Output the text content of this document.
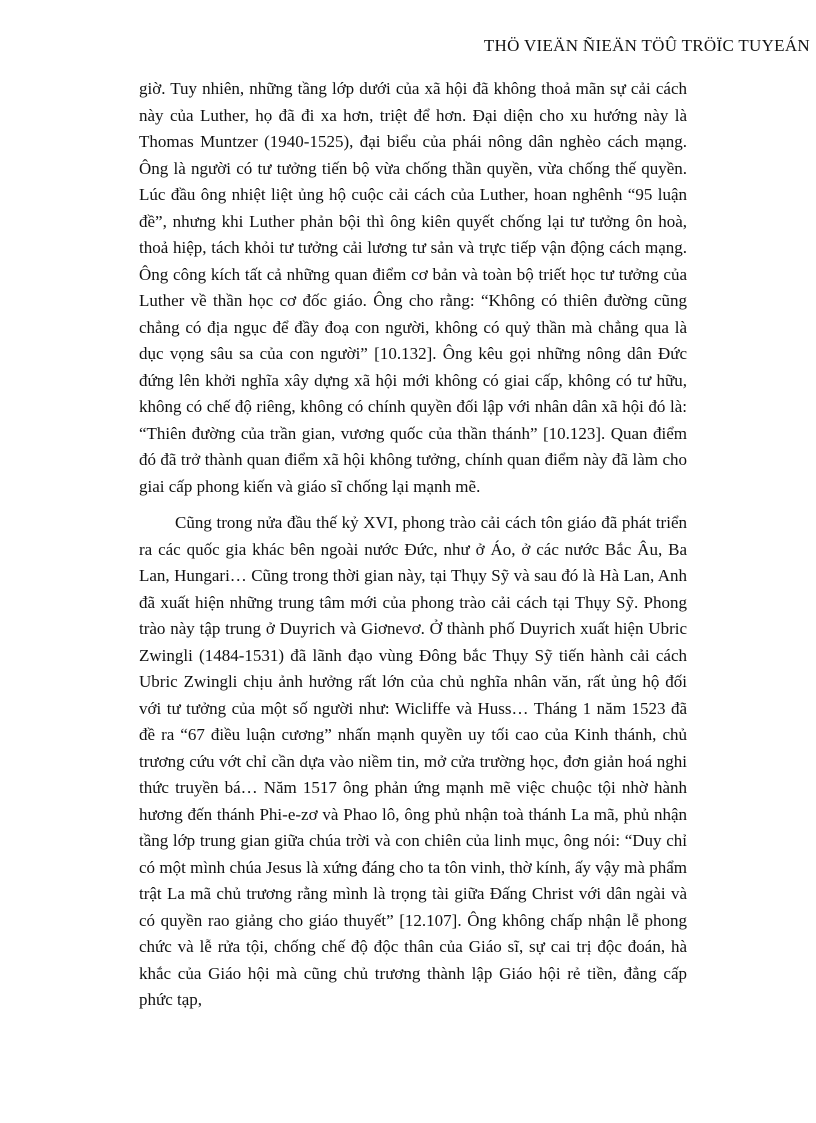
THÖ VIEÄN ÑIEÄN TÖÛ TRÖÏC TUYEÁN

giờ. Tuy nhiên, những tầng lớp dưới của xã hội đã không thoả mãn sự cải cách này của Luther, họ đã đi xa hơn, triệt để hơn. Đại diện cho xu hướng này là Thomas Muntzer (1940-1525), đại biểu của phái nông dân nghèo cách mạng. Ông là người có tư tưởng tiến bộ vừa chống thần quyền, vừa chống thế quyền. Lúc đầu ông nhiệt liệt ủng hộ cuộc cải cách của Luther, hoan nghênh “95 luận đề”, nhưng khi Luther phản bội thì ông kiên quyết chống lại tư tưởng ôn hoà, thoả hiệp, tách khỏi tư tưởng cải lương tư sản và trực tiếp vận động cách mạng. Ông công kích tất cả những quan điểm cơ bản và toàn bộ triết học tư tưởng của Luther về thần học cơ đốc giáo. Ông cho rằng: “Không có thiên đường cũng chẳng có địa ngục để đầy đoạ con người, không có quỷ thần mà chẳng qua là dục vọng sâu sa của con người” [10.132]. Ông kêu gọi những nông dân Đức đứng lên khởi nghĩa xây dựng xã hội mới không có giai cấp, không có tư hữu, không có chế độ riêng, không có chính quyền đối lập với nhân dân xã hội đó là: “Thiên đường của trần gian, vương quốc của thần thánh” [10.123]. Quan điểm đó đã trở thành quan điểm xã hội không tưởng, chính quan điểm này đã làm cho giai cấp phong kiến và giáo sĩ chống lại mạnh mẽ.

Cũng trong nửa đầu thế kỷ XVI, phong trào cải cách tôn giáo đã phát triển ra các quốc gia khác bên ngoài nước Đức, như ở Áo, ở các nước Bắc Âu, Ba Lan, Hungari… Cũng trong thời gian này, tại Thụy Sỹ và sau đó là Hà Lan, Anh đã xuất hiện những trung tâm mới của phong trào cải cách tại Thụy Sỹ. Phong trào này tập trung ở Duyrich và Giơnevơ. Ở thành phố Duyrich xuất hiện Ubric Zwingli (1484-1531) đã lãnh đạo vùng Đông bắc Thụy Sỹ tiến hành cải cách Ubric Zwingli chịu ảnh hưởng rất lớn của chủ nghĩa nhân văn, rất ủng hộ đối với tư tưởng của một số người như: Wicliffe và Huss… Tháng 1 năm 1523 đã đề ra “67 điều luận cương” nhấn mạnh quyền uy tối cao của Kinh thánh, chủ trương cứu vớt chỉ cần dựa vào niềm tin, mở cửa trường học, đơn giản hoá nghi thức truyền bá… Năm 1517 ông phản ứng mạnh mẽ việc chuộc tội nhờ hành hương đến thánh Phi-e-zơ và Phao lô, ông phủ nhận toà thánh La mã, phủ nhận tầng lớp trung gian giữa chúa trời và con chiên của linh mục, ông nói: “Duy chỉ có một mình chúa Jesus là xứng đáng cho ta tôn vinh, thờ kính, ấy vậy mà phẩm trật La mã chủ trương rằng mình là trọng tài giữa Đấng Christ với dân ngài và có quyền rao giảng cho giáo thuyết” [12.107]. Ông không chấp nhận lễ phong chức và lễ rửa tội, chống chế độ độc thân của Giáo sĩ, sự cai trị độc đoán, hà khắc của Giáo hội mà cũng chủ trương thành lập Giáo hội rẻ tiền, đẳng cấp phức tạp,
